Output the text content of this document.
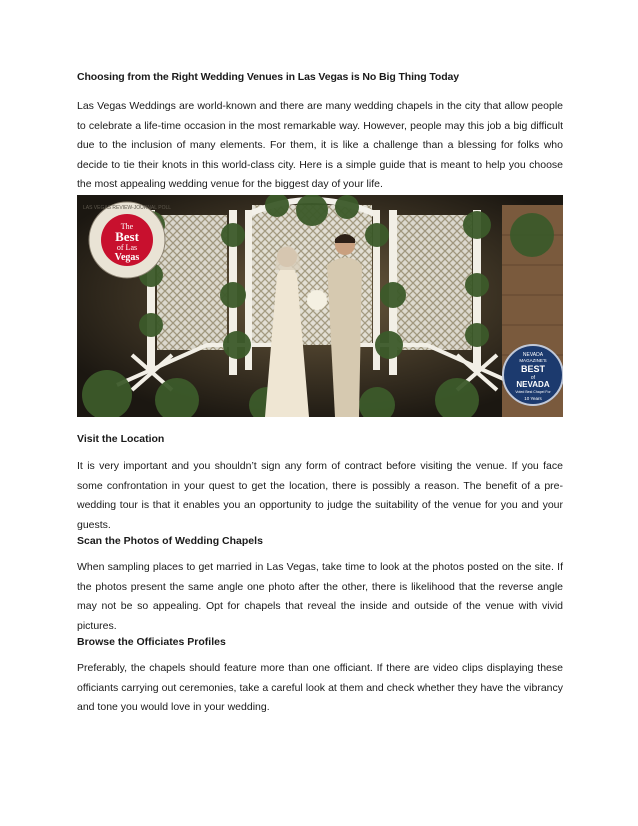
Choosing from the Right Wedding Venues in Las Vegas is No Big Thing Today

Las Vegas Weddings are world-known and there are many wedding chapels in the city that allow people to celebrate a life-time occasion in the most remarkable way. However, people may this job a big difficult due to the inclusion of many elements. For them, it is like a challenge than a blessing for folks who decide to tie their knots in this world-class city. Here is a simple guide that is meant to help you choose the most appealing wedding venue for the biggest day of your life.

The
Best
of Las
Vegas
LAS VEGAS REVIEW-JOURNAL POLL
NEVADA
MAGAZINE'S
BEST
of
NEVADA
Voted Best Chapel For
10 Years
Visit the Location

It is very important and you shouldn’t sign any form of contract before visiting the venue. If you face some confrontation in your quest to get the location, there is possibly a reason. The benefit of a pre-wedding tour is that it enables you an opportunity to judge the suitability of the venue for you and your guests.

Scan the Photos of Wedding Chapels

When sampling places to get married in Las Vegas, take time to look at the photos posted on the site. If the photos present the same angle one photo after the other, there is likelihood that the reverse angle may not be so appealing. Opt for chapels that reveal the inside and outside of the venue with vivid pictures.

Browse the Officiates Profiles

Preferably, the chapels should feature more than one officiant. If there are video clips displaying these officiants carrying out ceremonies, take a careful look at them and check whether they have the vibrancy and tone you would love in your wedding.
